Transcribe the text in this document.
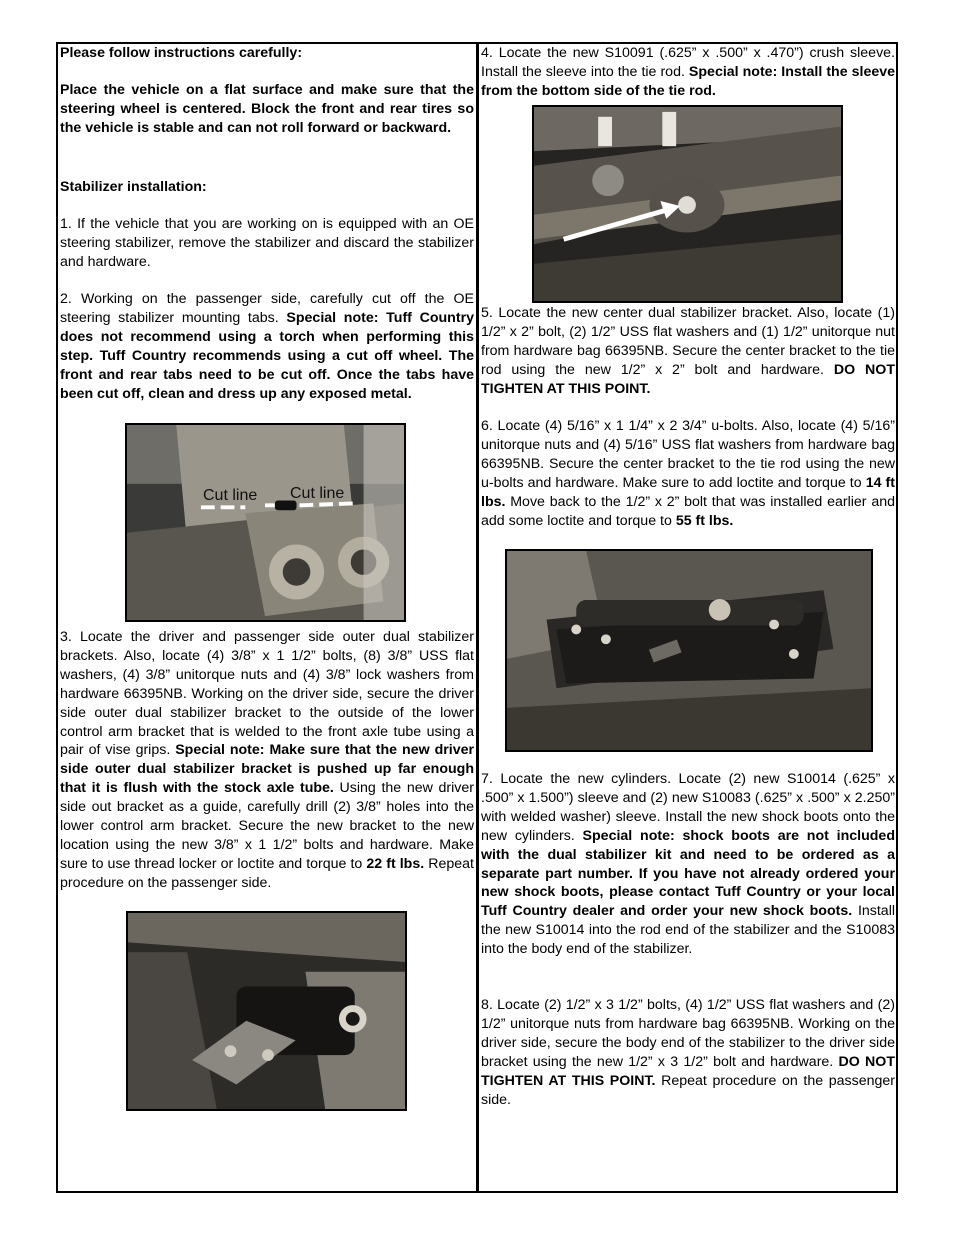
Please follow instructions carefully:
Place the vehicle on a flat surface and make sure that the steering wheel is centered. Block the front and rear tires so the vehicle is stable and can not roll forward or backward.
Stabilizer installation:
1. If the vehicle that you are working on is equipped with an OE steering stabilizer, remove the stabilizer and discard the stabilizer and hardware.
2. Working on the passenger side, carefully cut off the OE steering stabilizer mounting tabs. Special note: Tuff Country does not recommend using a torch when performing this step. Tuff Country recommends using a cut off wheel. The front and rear tabs need to be cut off. Once the tabs have been cut off, clean and dress up any exposed metal.
Cut line Cut line
3. Locate the driver and passenger side outer dual stabilizer brackets. Also, locate (4) 3/8” x 1 1/2” bolts, (8) 3/8” USS flat washers, (4) 3/8” unitorque nuts and (4) 3/8” lock washers from hardware 66395NB. Working on the driver side, secure the driver side outer dual stabilizer bracket to the outside of the lower control arm bracket that is welded to the front axle tube using a pair of vise grips. Special note: Make sure that the new driver side outer dual stabilizer bracket is pushed up far enough that it is flush with the stock axle tube. Using the new driver side out bracket as a guide, carefully drill (2) 3/8” holes into the lower control arm bracket. Secure the new bracket to the new location using the new 3/8” x 1 1/2” bolts and hardware. Make sure to use thread locker or loctite and torque to 22 ft lbs. Repeat procedure on the passenger side.
4. Locate the new S10091 (.625” x .500” x .470”) crush sleeve. Install the sleeve into the tie rod. Special note: Install the sleeve from the bottom side of the tie rod.
5. Locate the new center dual stabilizer bracket. Also, locate (1) 1/2” x 2” bolt, (2) 1/2” USS flat washers and (1) 1/2” unitorque nut from hardware bag 66395NB. Secure the center bracket to the tie rod using the new 1/2” x 2” bolt and hardware. DO NOT TIGHTEN AT THIS POINT.
6. Locate (4) 5/16” x 1 1/4” x 2 3/4” u-bolts. Also, locate (4) 5/16” unitorque nuts and (4) 5/16” USS flat washers from hardware bag 66395NB. Secure the center bracket to the tie rod using the new u-bolts and hardware. Make sure to add loctite and torque to 14 ft lbs. Move back to the 1/2” x 2” bolt that was installed earlier and add some loctite and torque to 55 ft lbs.
7. Locate the new cylinders. Locate (2) new S10014 (.625” x .500” x 1.500”) sleeve and (2) new S10083 (.625” x .500” x 2.250” with welded washer) sleeve. Install the new shock boots onto the new cylinders. Special note: shock boots are not included with the dual stabilizer kit and need to be ordered as a separate part number. If you have not already ordered your new shock boots, please contact Tuff Country or your local Tuff Country dealer and order your new shock boots. Install the new S10014 into the rod end of the stabilizer and the S10083 into the body end of the stabilizer.
8. Locate (2) 1/2” x 3 1/2” bolts, (4) 1/2” USS flat washers and (2) 1/2” unitorque nuts from hardware bag 66395NB. Working on the driver side, secure the body end of the stabilizer to the driver side bracket using the new 1/2” x 3 1/2” bolt and hardware. DO NOT TIGHTEN AT THIS POINT. Repeat procedure on the passenger side.
